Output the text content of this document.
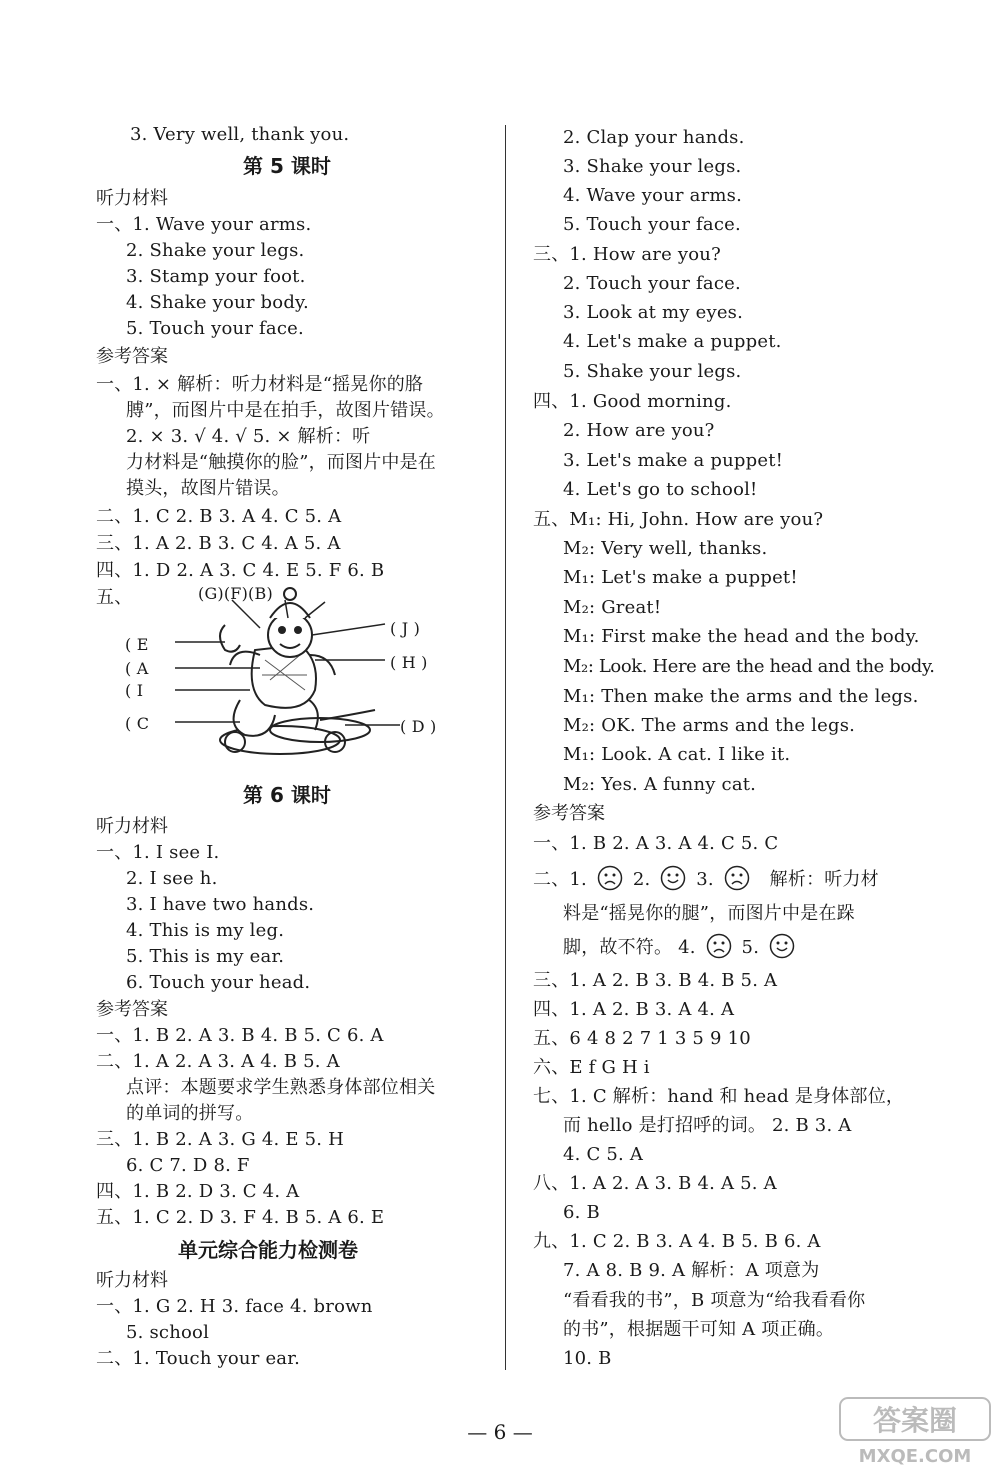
3. Very well, thank you.
第 5 课时
听力材料
一、1. Wave your arms.
2. Shake your legs.
3. Stamp your foot.
4. Shake your body.
5. Touch your face.
参考答案
一、1. × 解析：听力材料是“摇晃你的胳
膊”，而图片中是在拍手，故图片错误。
2. × 3. √ 4. √ 5. × 解析：听
力材料是“触摸你的脸”，而图片中是在
摸头，故图片错误。
二、1. C 2. B 3. A 4. C 5. A
三、1. A 2. B 3. C 4. A 5. A
四、1. D 2. A 3. C 4. E 5. F 6. B
五、	(G)(F)(B)
( J )
( E
( A	( H )
( I
( C	( D )
第 6 课时
听力材料
一、1. I see I.
2. I see h.
3. I have two hands.
4. This is my leg.
5. This is my ear.
6. Touch your head.
参考答案
一、1. B 2. A 3. B 4. B 5. C 6. A
二、1. A 2. A 3. A 4. B 5. A
点评：本题要求学生熟悉身体部位相关
的单词的拼写。
三、1. B 2. A 3. G 4. E 5. H
6. C 7. D 8. F
四、1. B 2. D 3. C 4. A
五、1. C 2. D 3. F 4. B 5. A 6. E
单元综合能力检测卷
听力材料
一、1. G 2. H 3. face 4. brown
5. school
二、1. Touch your ear.
2. Clap your hands.
3. Shake your legs.
4. Wave your arms.
5. Touch your face.
三、1. How are you?
2. Touch your face.
3. Look at my eyes.
4. Let's make a puppet.
5. Shake your legs.
四、1. Good morning.
2. How are you?
3. Let's make a puppet!
4. Let's go to school!
五、M₁: Hi, John. How are you?
M₂: Very well, thanks.
M₁: Let's make a puppet!
M₂: Great!
M₁: First make the head and the body.
M₂: Look. Here are the head and the body.
M₁: Then make the arms and the legs.
M₂: OK. The arms and the legs.
M₁: Look. A cat. I like it.
M₂: Yes. A funny cat.
参考答案
一、1. B 2. A 3. A 4. C 5. C
二、1.	2.	3.	解析：听力材
料是“摇晃你的腿”，而图片中是在跺
脚，故不符。 4.	5.
三、1. A 2. B 3. B 4. B 5. A
四、1. A 2. B 3. A 4. A
五、6 4 8 2 7 1 3 5 9 10
六、E f G H i
七、1. C 解析：hand 和 head 是身体部位，
而 hello 是打招呼的词。 2. B 3. A
4. C 5. A
八、1. A 2. A 3. B 4. A 5. A
6. B
九、1. C 2. B 3. A 4. B 5. B 6. A
7. A 8. B 9. A 解析：A 项意为
“看看我的书”，B 项意为“给我看看你
的书”，根据题干可知 A 项正确。
10. B
— 6 —	答案圈
MXQE.COM
